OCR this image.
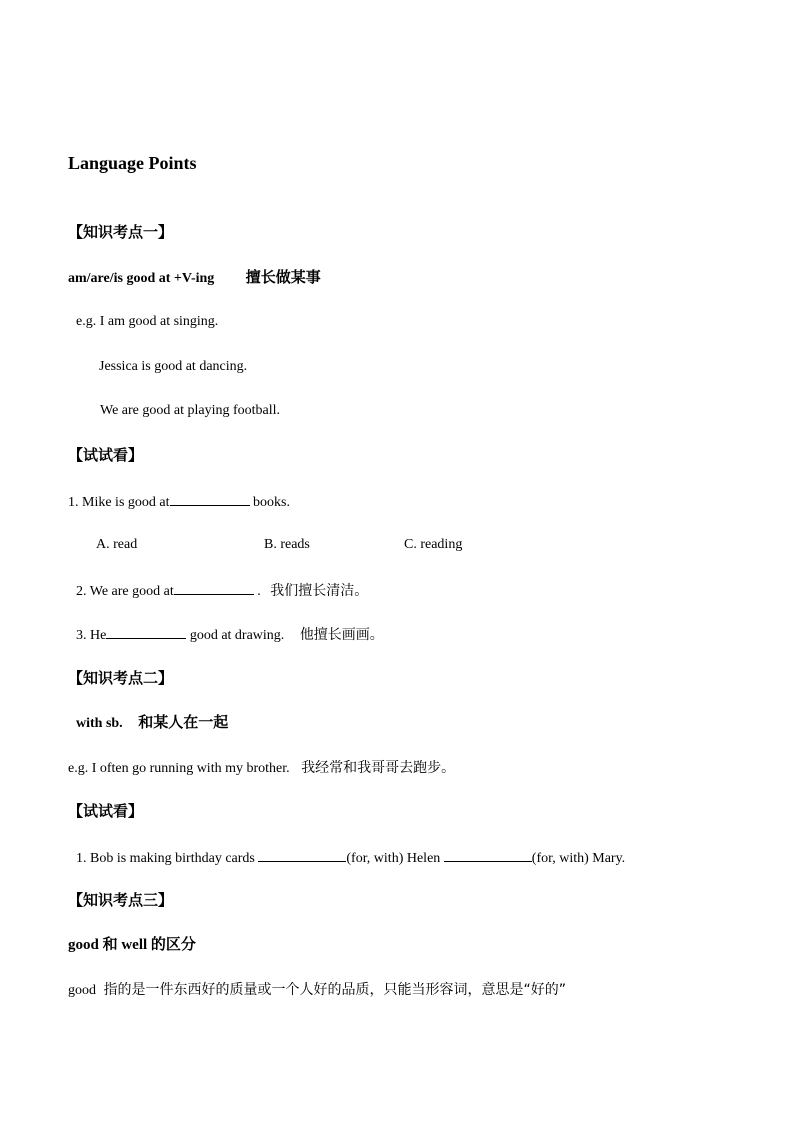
Language Points
【知识考点一】
am/are/is good at +V-ing 擅长做某事
e.g. I am good at singing.
Jessica is good at dancing.
We are good at playing football.
【试试看】
1. Mike is good at	books.
A. read	B. reads	C. reading
2. We are good at	. 我们擅长清洁。
3. He	good at drawing. 他擅长画画。
【知识考点二】
with sb. 和某人在一起
e.g. I often go running with my brother. 我经常和我哥哥去跑步。
【试试看】
1. Bob is making birthday cards	(for, with) Helen	(for, with) Mary.
【知识考点三】
good 和 well 的区分
good 指的是一件东西好的质量或一个人好的品质，只能当形容词，意思是“好的”
